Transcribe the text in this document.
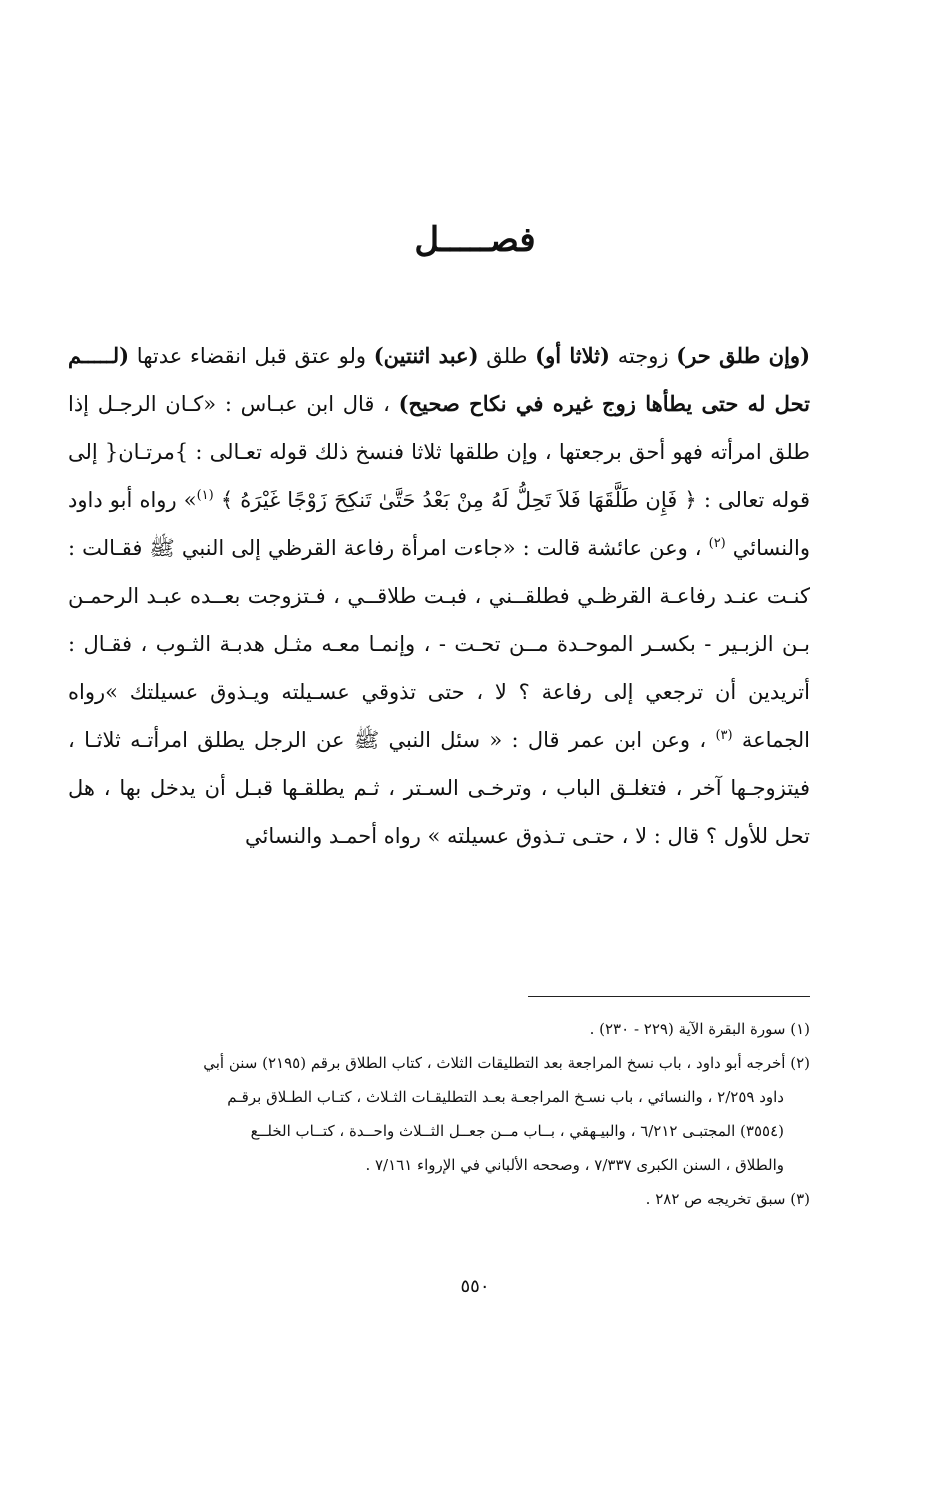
فصـــــل
(وإن طلق حر) زوجته (ثلاثا أو) طلق (عبد اثنتين) ولو عتق قبل انقضاء عدتها (لـــــم تحل له حتى يطأها زوج غيره في نكاح صحيح) ، قال ابن عبـاس : «كـان الرجـل إذا طلق امرأته فهو أحق برجعتها ، وإن طلقها ثلاثا فنسخ ذلك قوله تعـالى : }مرتـان{ إلى قوله تعالى : ﴿ فَإِن طَلَّقَهَا فَلاَ تَحِلُّ لَهُ مِنْ بَعْدُ حَتَّىٰ تَنكِحَ زَوْجًا غَيْرَهُ ﴾ $^{(١)}$» رواه أبو داود والنسائي $^{(٢)}$ ، وعن عائشة قالت : «جاءت امرأة رفاعة القرظي إلى النبي ﷺ فقـالت : كنـت عنـد رفاعـة القرظـي فطلقــني ، فبـت طلاقــي ، فـتزوجت بعــده عبـد الرحمـن بـن الزبـير - بكسـر الموحـدة مــن تحـت - ، وإنمـا معـه مثـل هدبـة الثـوب ، فقـال : أتريدين أن ترجعي إلى رفاعة ؟ لا ، حتى تذوقي عسـيلته ويـذوق عسيلتك »رواه الجماعة $^{(٣)}$ ، وعن ابن عمر قال : « سئل النبي ﷺ عن الرجل يطلق امرأتـه ثلاثـا ، فيتزوجـها آخر ، فتغلـق الباب ، وترخـى السـتر ، ثـم يطلقـها قبـل أن يدخل بها ، هل تحل للأول ؟ قال : لا ، حتـى تـذوق عسيلته » رواه أحمـد والنسائي

(١) سورة البقرة الآية (٢٢٩ - ٢٣٠) .

(٢) أخرجه أبو داود ، باب نسخ المراجعة بعد التطليقات الثلاث ، كتاب الطلاق برقم (٢١٩٥) سنن أبي

داود ٢/٢٥٩ ، والنسائي ، باب نسـخ المراجعـة بعـد التطليقـات الثـلاث ، كتـاب الطـلاق برقـم

(٣٥٥٤) المجتبـى ٦/٢١٢ ، والبيـهقي ، بــاب مــن جعــل الثــلاث واحــدة ، كتــاب الخلــع

والطلاق ، السنن الكبرى ٧/٣٣٧ ، وصححه الألباني في الإرواء ٧/١٦١ .

(٣) سبق تخريجه ص ٢٨٢ .

٥٥٠
